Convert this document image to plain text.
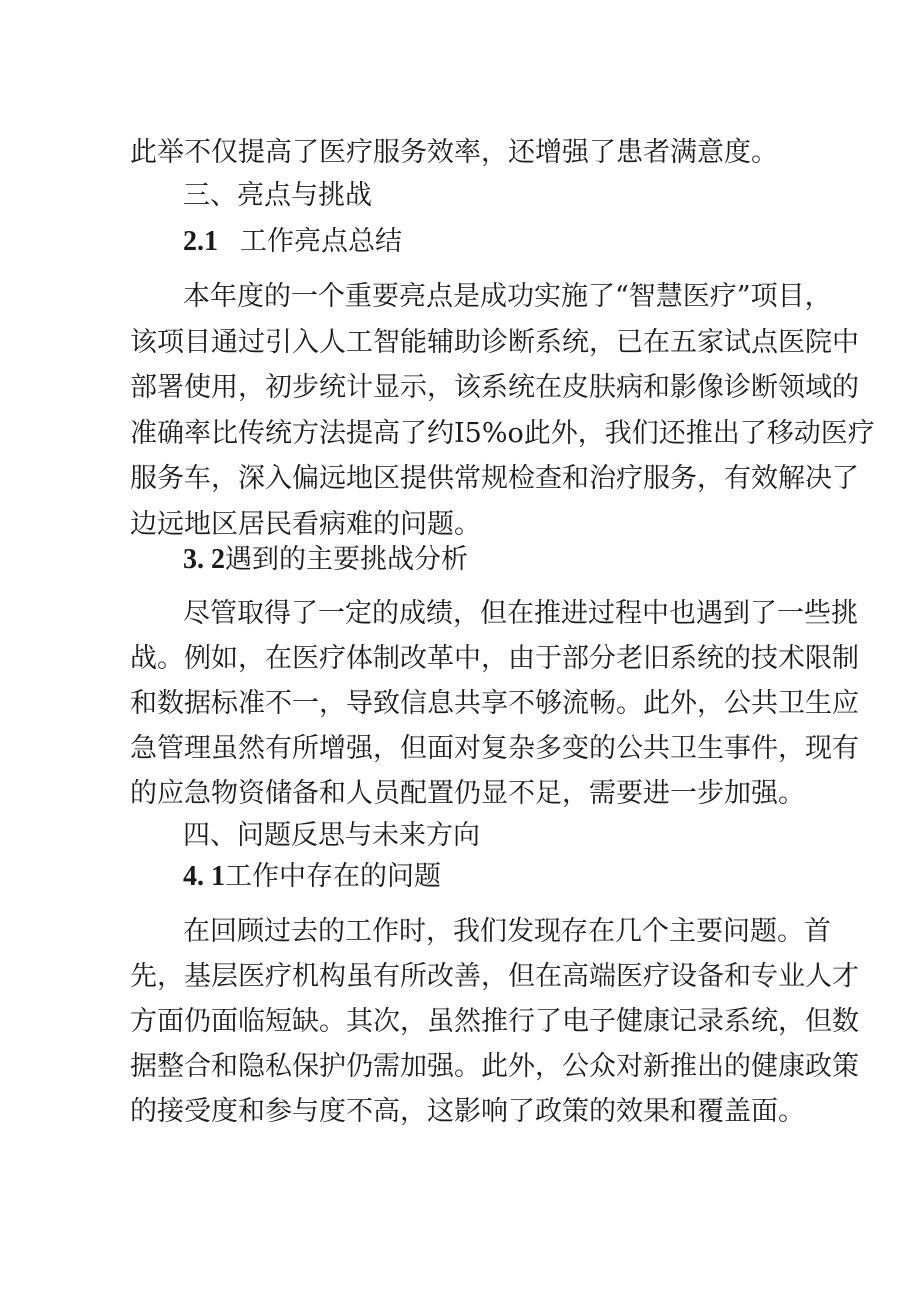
此举不仅提高了医疗服务效率，还增强了患者满意度。
三、亮点与挑战
2.1 工作亮点总结
本年度的一个重要亮点是成功实施了“智慧医疗”项目，
该项目通过引入人工智能辅助诊断系统，已在五家试点医院中
部署使用，初步统计显示，该系统在皮肤病和影像诊断领域的
准确率比传统方法提高了约I5%o此外，我们还推出了移动医疗
服务车，深入偏远地区提供常规检查和治疗服务，有效解决了
边远地区居民看病难的问题。
3. 2遇到的主要挑战分析
尽管取得了一定的成绩，但在推进过程中也遇到了一些挑
战。例如，在医疗体制改革中，由于部分老旧系统的技术限制
和数据标准不一，导致信息共享不够流畅。此外，公共卫生应
急管理虽然有所增强，但面对复杂多变的公共卫生事件，现有
的应急物资储备和人员配置仍显不足，需要进一步加强。
四、问题反思与未来方向
4. 1工作中存在的问题
在回顾过去的工作时，我们发现存在几个主要问题。首
先，基层医疗机构虽有所改善，但在高端医疗设备和专业人才
方面仍面临短缺。其次，虽然推行了电子健康记录系统，但数
据整合和隐私保护仍需加强。此外，公众对新推出的健康政策
的接受度和参与度不高，这影响了政策的效果和覆盖面。
